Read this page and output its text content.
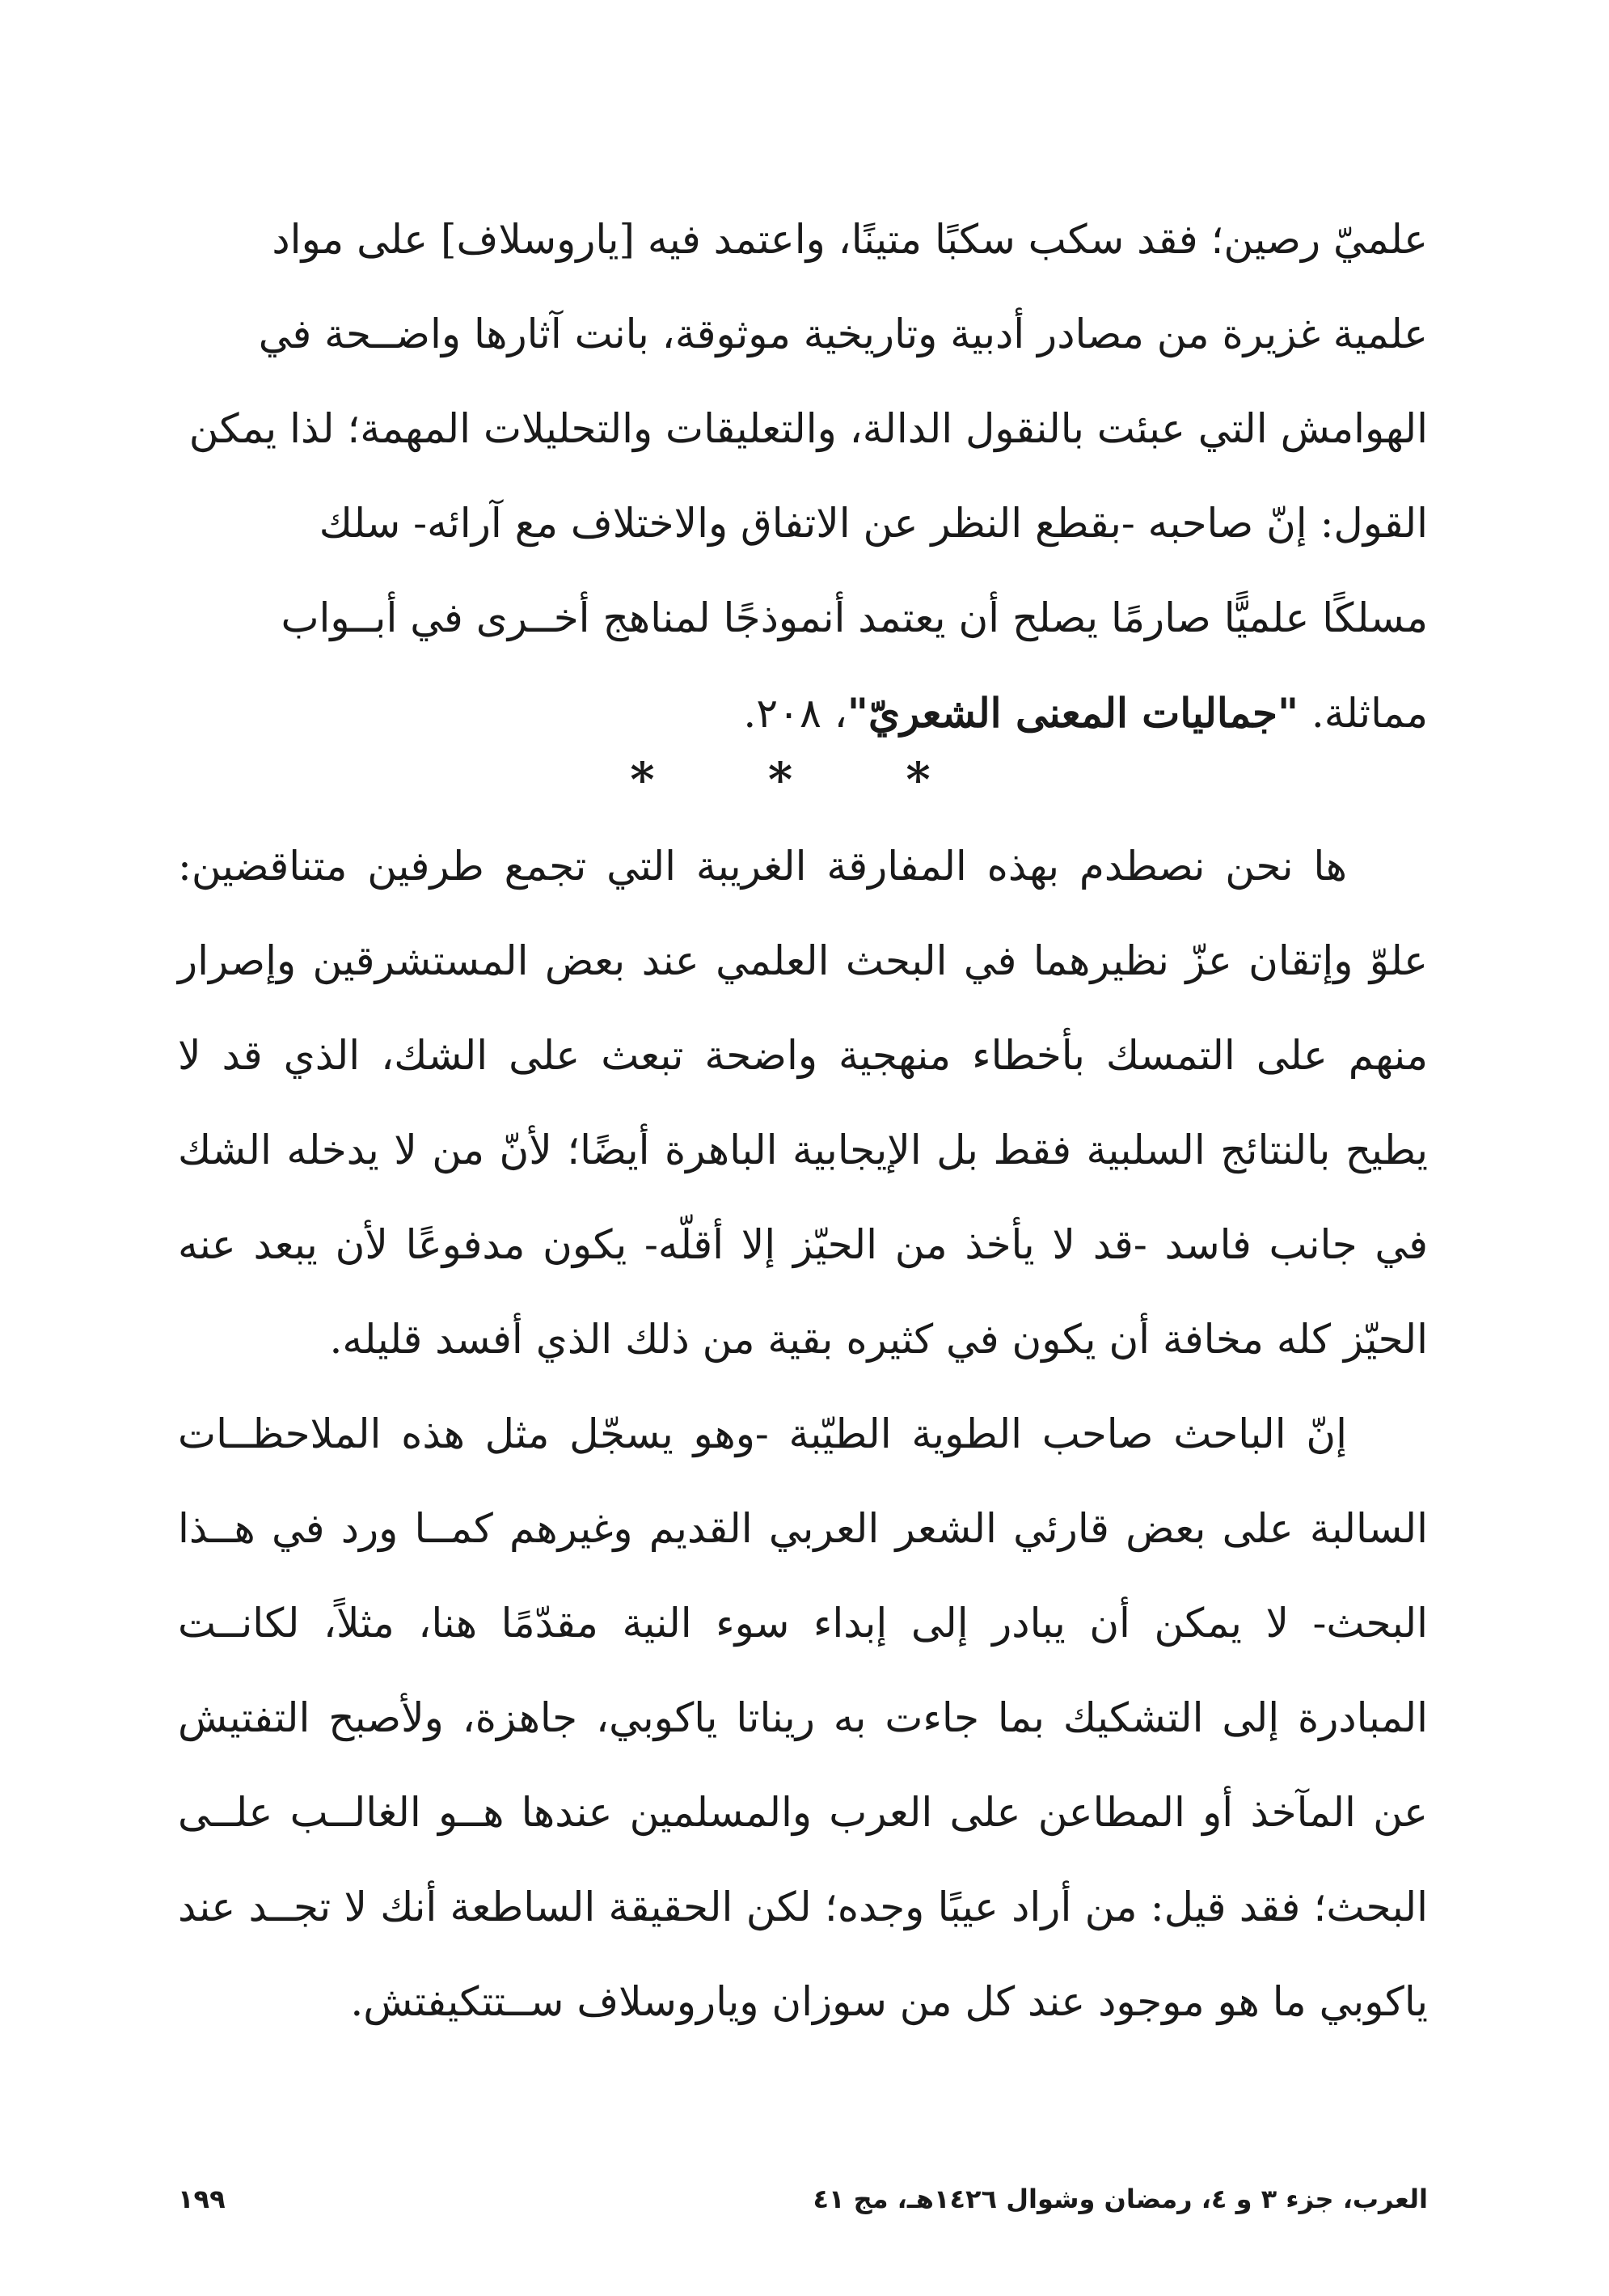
علميّ رصين؛ فقد سكب سكبًا متينًا، واعتمد فيه [ياروسلاف] على مواد

علمية غزيرة من مصادر أدبية وتاريخية موثوقة، بانت آثارها واضــحة في

الهوامش التي عبئت بالنقول الدالة، والتعليقات والتحليلات المهمة؛ لذا يمكن

القول: إنّ صاحبه -بقطع النظر عن الاتفاق والاختلاف مع آرائه- سلك

مسلكًا علميًّا صارمًا يصلح أن يعتمد أنموذجًا لمناهج أخــرى في أبــواب

مماثلة. "جماليات المعنى الشعريّ"، ٢٠٨.

* * *

ها نحن نصطدم بهذه المفارقة الغريبة التي تجمع طرفين متناقضين: علوّ وإتقان عزّ نظيرهما في البحث العلمي عند بعض المستشرقين وإصرار منهم على التمسك بأخطاء منهجية واضحة تبعث على الشك، الذي قد لا يطيح بالنتائج السلبية فقط بل الإيجابية الباهرة أيضًا؛ لأنّ من لا يدخله الشك في جانب فاسد -قد لا يأخذ من الحيّز إلا أقلّه- يكون مدفوعًا لأن يبعد عنه الحيّز كله مخافة أن يكون في كثيره بقية من ذلك الذي أفسد قليله.

إنّ الباحث صاحب الطوية الطيّبة -وهو يسجّل مثل هذه الملاحظــات السالبة على بعض قارئي الشعر العربي القديم وغيرهم كمــا ورد في هــذا البحث- لا يمكن أن يبادر إلى إبداء سوء النية مقدّمًا هنا، مثلاً، لكانــت المبادرة إلى التشكيك بما جاءت به ريناتا ياكوبي، جاهزة، ولأصبح التفتيش عن المآخذ أو المطاعن على العرب والمسلمين عندها هــو الغالــب علــى البحث؛ فقد قيل: من أراد عيبًا وجده؛ لكن الحقيقة الساطعة أنك لا تجــد عند ياكوبي ما هو موجود عند كل من سوزان وياروسلاف ســتتكيفتش.

العرب، جزء ٣ و ٤، رمضان وشوال ١٤٢٦هـ، مج ٤١
١٩٩
